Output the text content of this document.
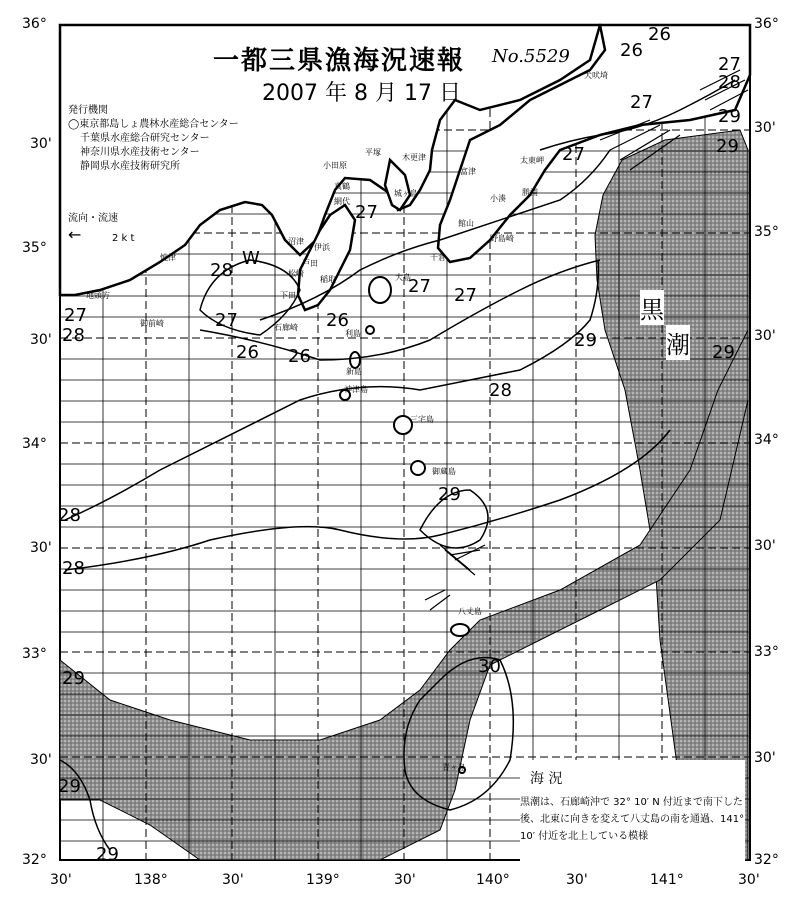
一都三県漁海況速報 No.5529
2007 年 8 月 17 日
発行機関
◯東京都島しょ農林水産総合センター
千葉県水産総合研究センター
神奈川県水産技術センター
静岡県水産技術研究所
流向・流速
←	2 k t
36°
30'
35°
30'
34°
30'
33°
30'
32°
36°
30'
35°
30'
34°
30'
33°
30'
32°
30'	138°	30'	139°	30'	140°	30'	141°	30'
黒
潮
26
26
27
28
29
29
27
27
27
27 27
28
27
28
27
26 26
26
29
29
28
29
28
28
29
30
29
29
犬吠埼
太東岬
勝浦
小湊
富津
木更津
平塚
小田原
真鶴
城ヶ島
網代
館山
野島崎
千倉
沼津
伊浜
戸田
稲取
松崎
下田
石廊崎
焼津
地頭方
御前崎
大島
利島
新島
神津島
三宅島
御蔵島
八丈島
青ヶ島
W
海 況
黒潮は、石廊崎沖で 32° 10′ N 付近まで南下した後、北東に向きを変えて八丈島の南を通過、141° 10′ 付近を北上している模様
